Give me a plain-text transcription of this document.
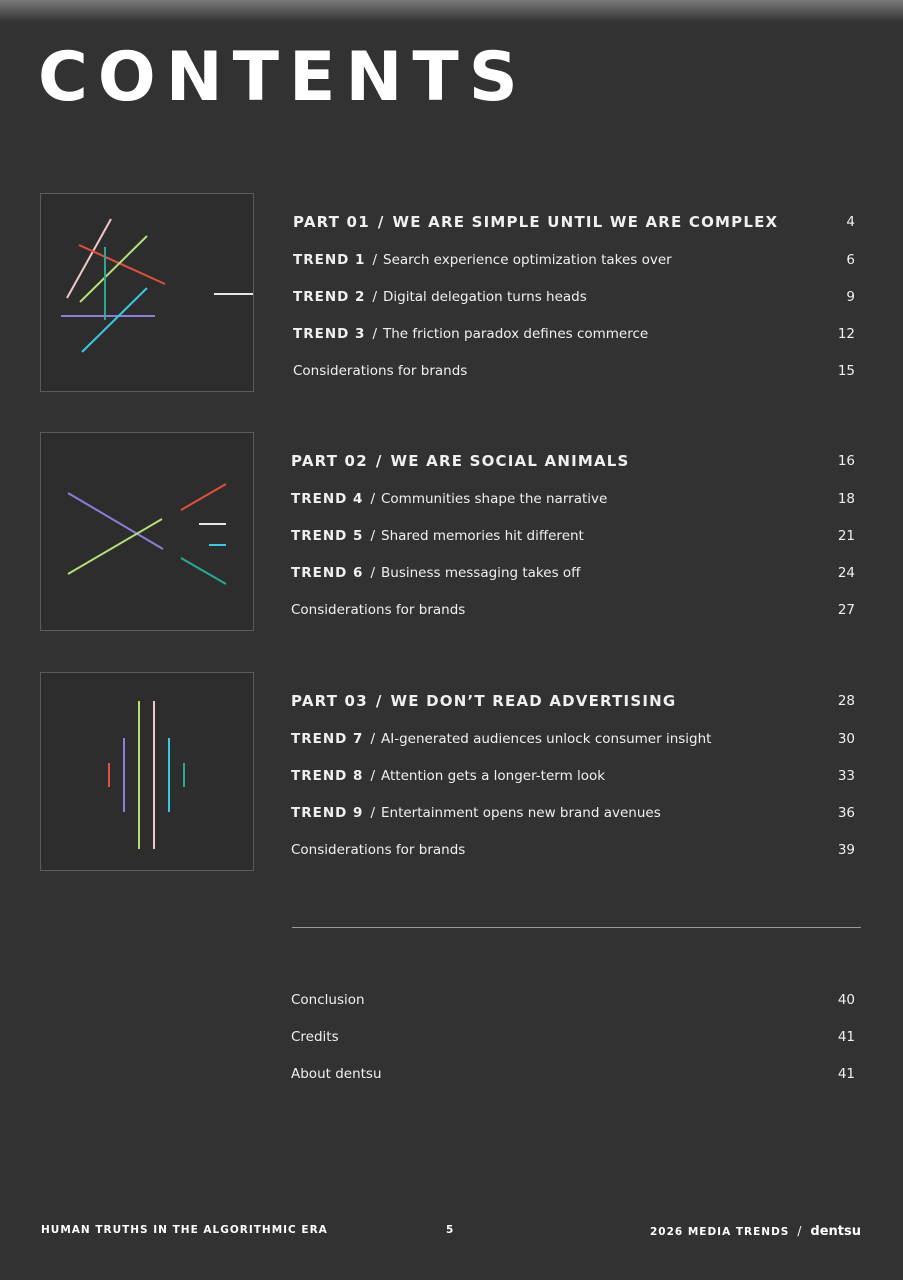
CONTENTS
PART 01 / WE ARE SIMPLE UNTIL WE ARE COMPLEX	4
TREND 1 / Search experience optimization takes over	6
TREND 2 / Digital delegation turns heads	9
TREND 3 / The friction paradox defines commerce	12
Considerations for brands	15
PART 02 / WE ARE SOCIAL ANIMALS	16
TREND 4 / Communities shape the narrative	18
TREND 5 / Shared memories hit different	21
TREND 6 / Business messaging takes off	24
Considerations for brands	27
PART 03 / WE DON’T READ ADVERTISING	28
TREND 7 / AI-generated audiences unlock consumer insight	30
TREND 8 / Attention gets a longer-term look	33
TREND 9 / Entertainment opens new brand avenues	36
Considerations for brands	39
Conclusion	40
Credits	41
About dentsu	41
HUMAN TRUTHS IN THE ALGORITHMIC ERA	5	2026 MEDIA TRENDS / dentsu
